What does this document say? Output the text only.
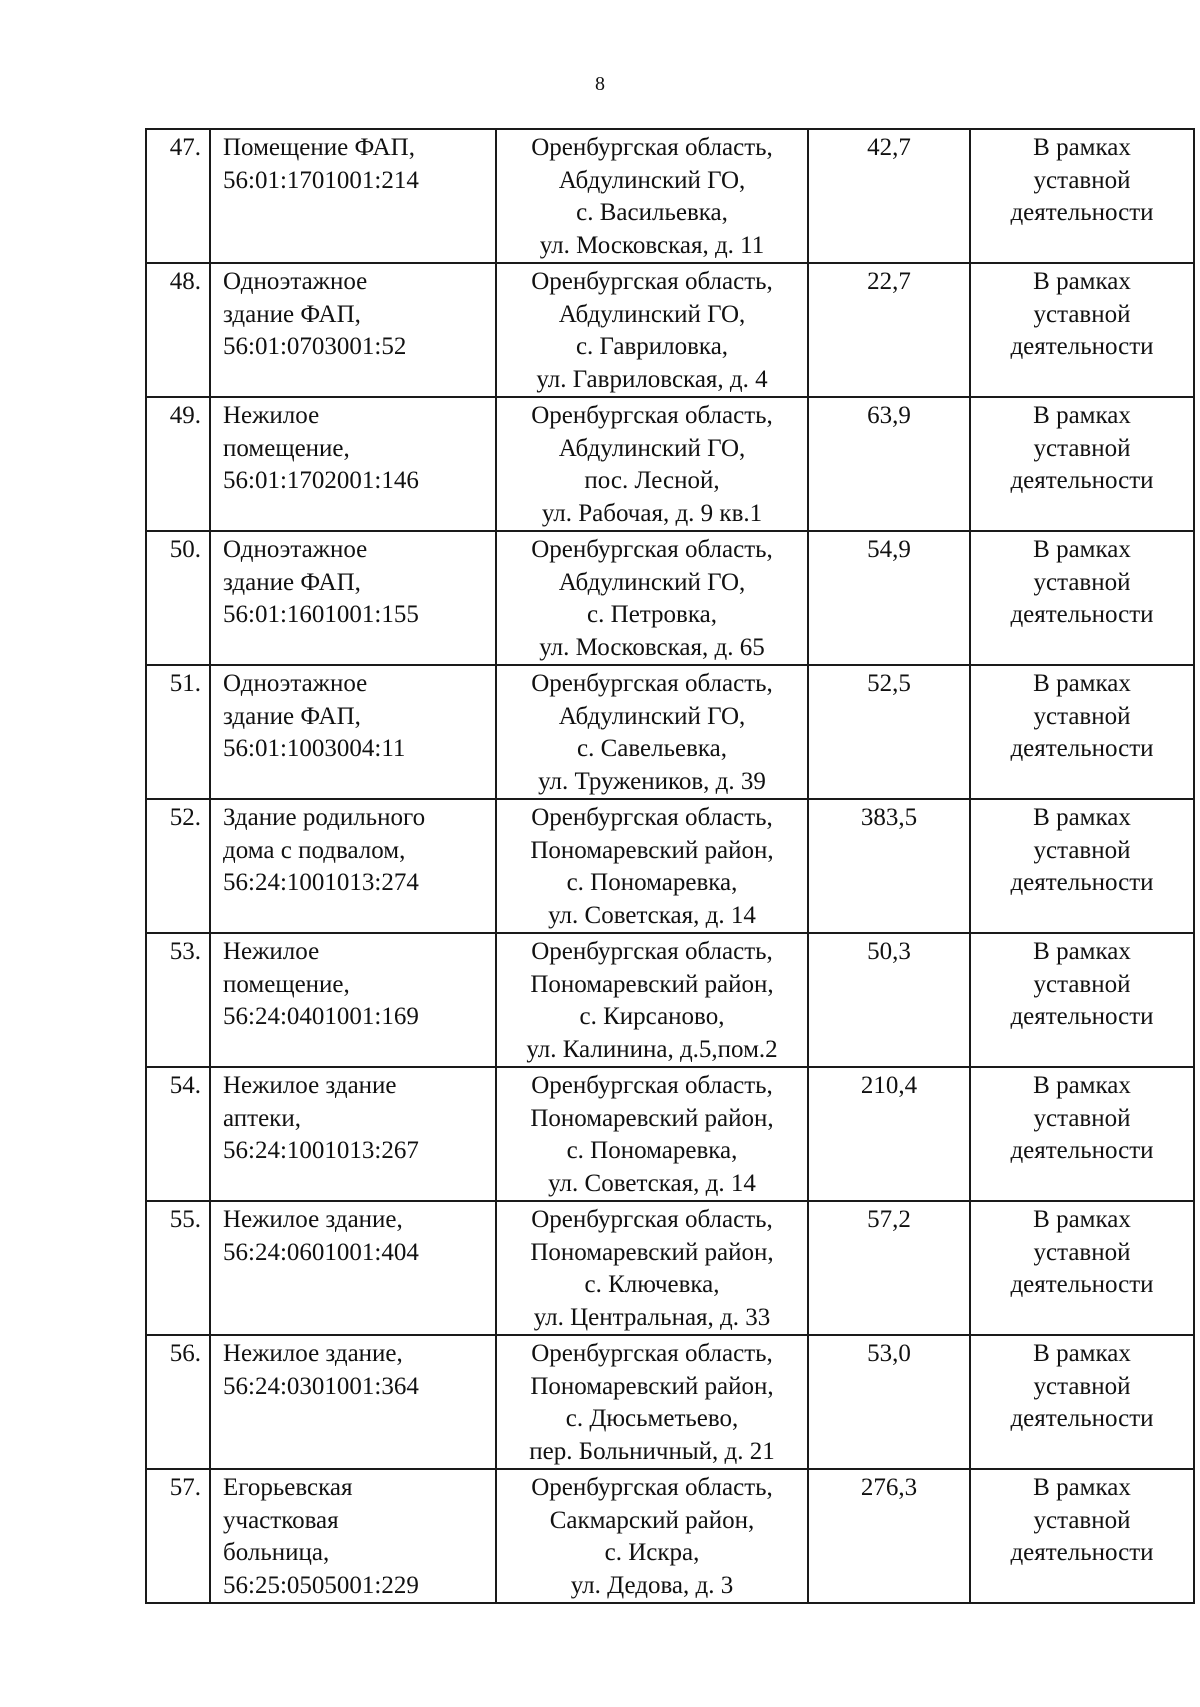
8
47.	Помещение ФАП,
56:01:1701001:214	Оренбургская область,
Абдулинский ГО,
с. Васильевка,
ул. Московская, д. 11	42,7	В рамках
уставной
деятельности

48.	Одноэтажное
здание ФАП,
56:01:0703001:52	Оренбургская область,
Абдулинский ГО,
с. Гавриловка,
ул. Гавриловская, д. 4	22,7	В рамках
уставной
деятельности

49.	Нежилое
помещение,
56:01:1702001:146	Оренбургская область,
Абдулинский ГО,
пос. Лесной,
ул. Рабочая, д. 9 кв.1	63,9	В рамках
уставной
деятельности

50.	Одноэтажное
здание ФАП,
56:01:1601001:155	Оренбургская область,
Абдулинский ГО,
с. Петровка,
ул. Московская, д. 65	54,9	В рамках
уставной
деятельности

51.	Одноэтажное
здание ФАП,
56:01:1003004:11	Оренбургская область,
Абдулинский ГО,
с. Савельевка,
ул. Тружеников, д. 39	52,5	В рамках
уставной
деятельности

52.	Здание родильного
дома с подвалом,
56:24:1001013:274	Оренбургская область,
Пономаревский район,
с. Пономаревка,
ул. Советская, д. 14	383,5	В рамках
уставной
деятельности

53.	Нежилое
помещение,
56:24:0401001:169	Оренбургская область,
Пономаревский район,
с. Кирсаново,
ул. Калинина, д.5,пом.2	50,3	В рамках
уставной
деятельности

54.	Нежилое здание
аптеки,
56:24:1001013:267	Оренбургская область,
Пономаревский район,
с. Пономаревка,
ул. Советская, д. 14	210,4	В рамках
уставной
деятельности

55.	Нежилое здание,
56:24:0601001:404	Оренбургская область,
Пономаревский район,
с. Ключевка,
ул. Центральная, д. 33	57,2	В рамках
уставной
деятельности

56.	Нежилое здание,
56:24:0301001:364	Оренбургская область,
Пономаревский район,
с. Дюсьметьево,
пер. Больничный, д. 21	53,0	В рамках
уставной
деятельности

57.	Егорьевская
участковая
больница,
56:25:0505001:229	Оренбургская область,
Сакмарский район,
с. Искра,
ул. Дедова, д. 3	276,3	В рамках
уставной
деятельности
